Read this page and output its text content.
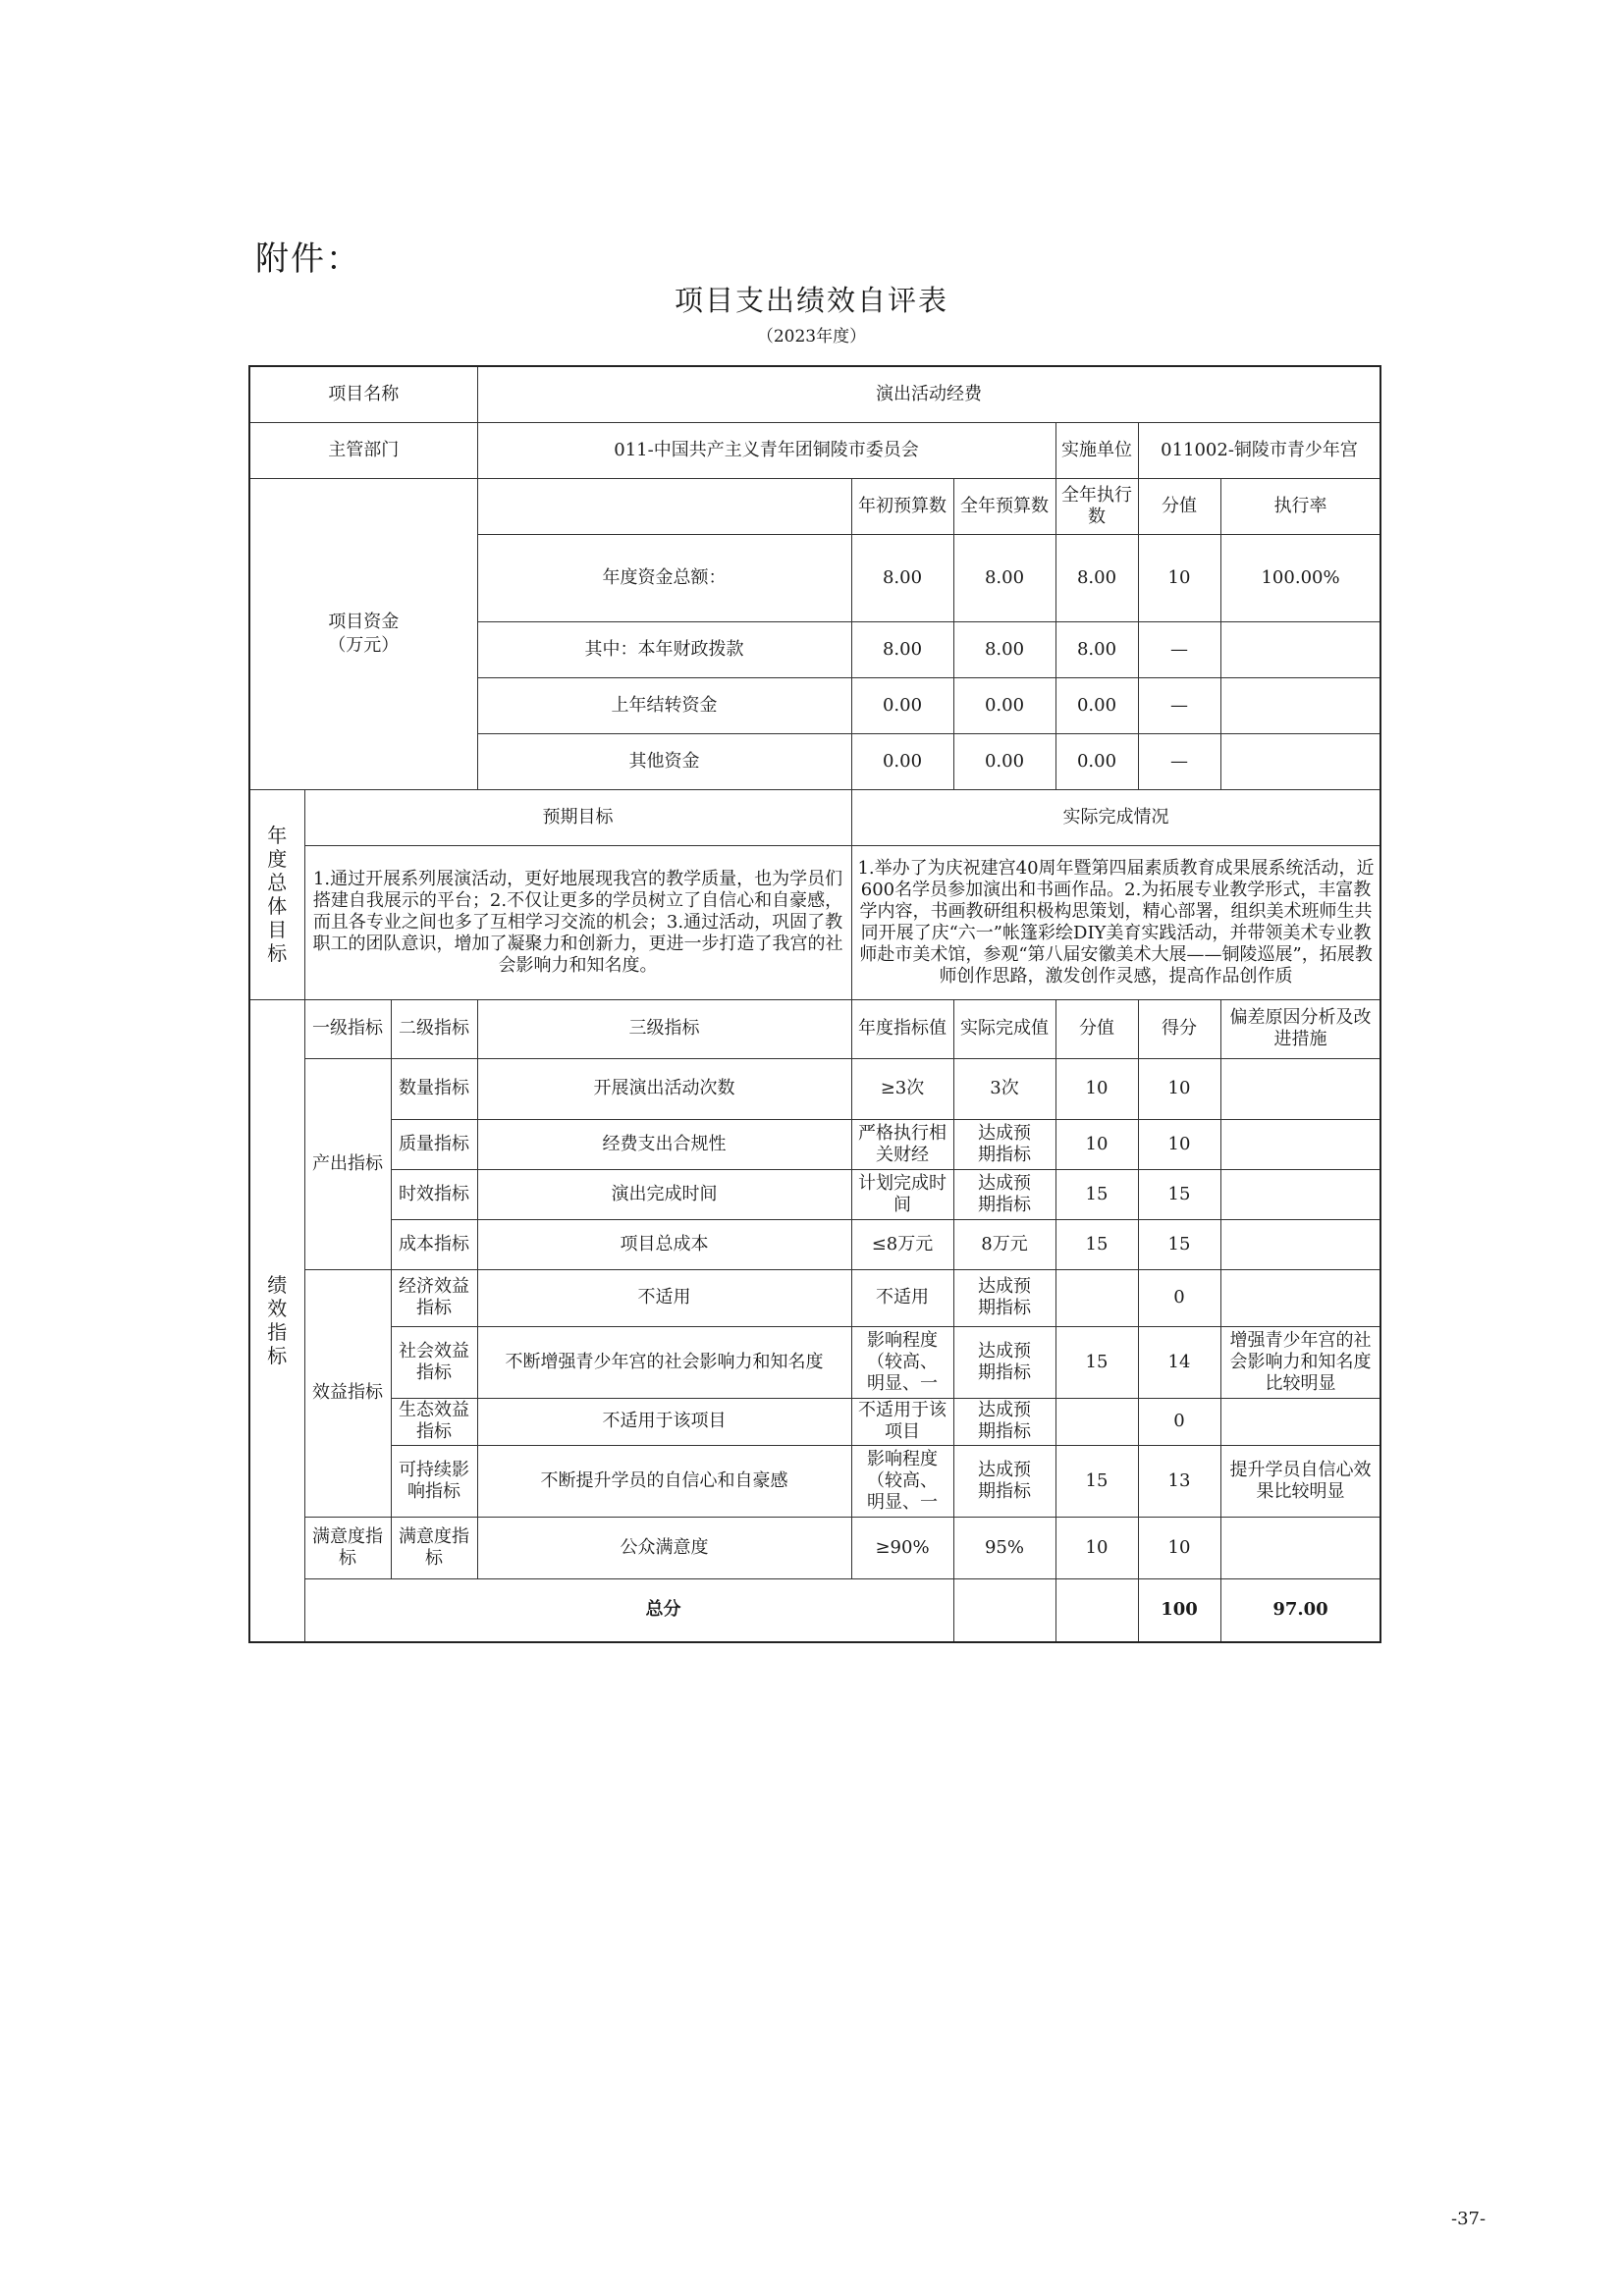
附件：
项目支出绩效自评表
（2023年度）
项目名称			演出活动经费						
主管部门			011-中国共产主义青年团铜陵市委员会			实施单位	011002-铜陵市青少年宫		

项目资金（万元）				年初预算数	全年预算数	全年执行数	分值	执行率	
			年度资金总额：	8.00	8.00	8.00	10	100.00%	
			其中：本年财政拨款	8.00	8.00	8.00	—		
			上年结转资金	0.00	0.00	0.00	—		
			其他资金	0.00	0.00	0.00	—		

年度总体目标	预期目标			实际完成情况					

	1.通过开展系列展演活动，更好地展现我宫的教学质量，也为学员们搭建自我展示的平台；2.不仅让更多的学员树立了自信心和自豪感，而且各专业之间也多了互相学习交流的机会；3.通过活动，巩固了教职工的团队意识，增加了凝聚力和创新力，更进一步打造了我宫的社会影响力和知名度。			1.举办了为庆祝建宫40周年暨第四届素质教育成果展系统活动，近600名学员参加演出和书画作品。2.为拓展专业教学形式，丰富教学内容，书画教研组积极构思策划，精心部署，组织美术班师生共同开展了庆“六一”帐篷彩绘DIY美育实践活动，并带领美术专业教师赴市美术馆，参观“第八届安徽美术大展——铜陵巡展”，拓展教师创作思路，激发创作灵感，提高作品创作质					

绩效指标	一级指标	二级指标	三级指标	年度指标值	实际完成值	分值	得分	偏差原因分析及改进措施	
	产出指标	数量指标	开展演出活动次数	≥3次	3次	10	10		
		质量指标	经费支出合规性	严格执行相关财经	达成预期指标	10	10		
		时效指标	演出完成时间	计划完成时间	达成预期指标	15	15		
		成本指标	项目总成本	≤8万元	8万元	15	15		
	效益指标	经济效益指标	不适用	不适用	达成预期指标		0		

		社会效益指标	不断增强青少年宫的社会影响力和知名度	影响程度（较高、明显、一	达成预期指标	15	14	增强青少年宫的社会影响力和知名度比较明显	

		生态效益指标	不适用于该项目	不适用于该项目	达成预期指标		0		

		可持续影响指标	不断提升学员的自信心和自豪感	影响程度（较高、明显、一	达成预期指标	15	13	提升学员自信心效果比较明显	

	满意度指标	满意度指标	公众满意度	≥90%	95%	10	10		

	总分						100	97.00	
-37-
